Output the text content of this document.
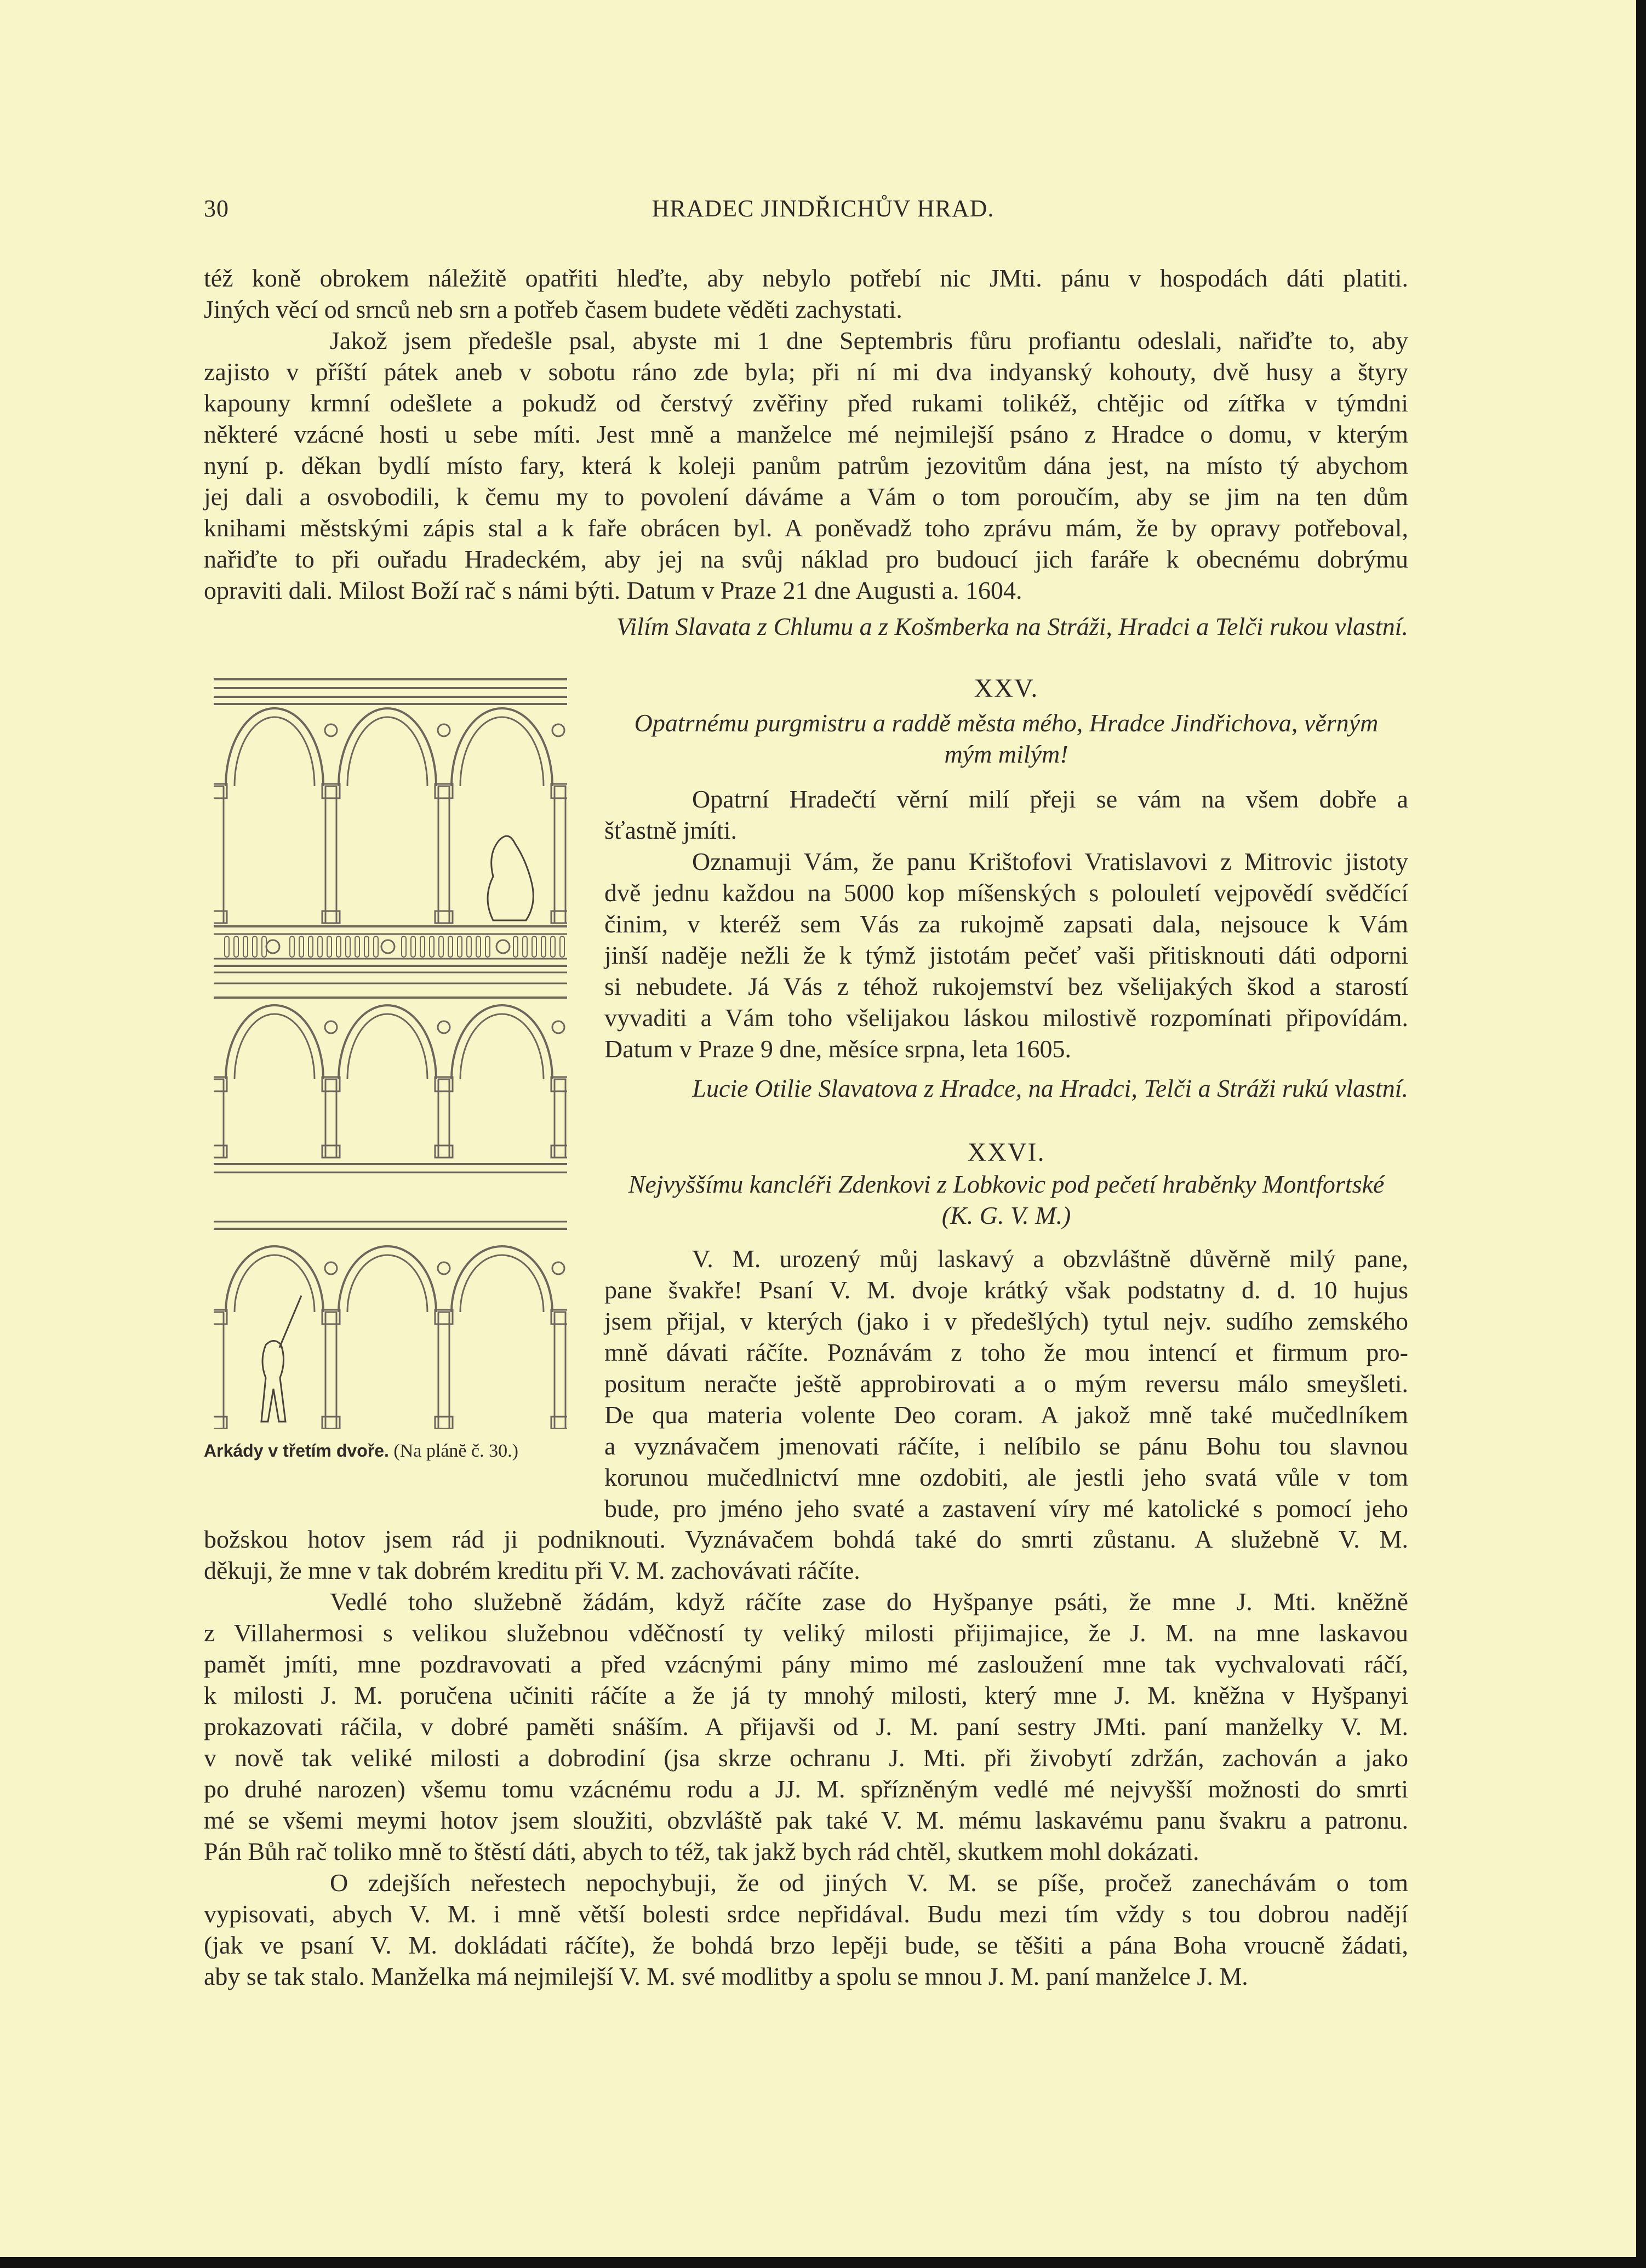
30	HRADEC JINDŘICHŮV HRAD.
též koně obrokem náležitě opatřiti hleďte, aby nebylo potřebí nic JMti. pánu v hospodách dáti platiti.
Jiných věcí od srnců neb srn a potřeb časem budete věděti zachystati.
Jakož jsem předešle psal, abyste mi 1 dne Septembris fůru profiantu odeslali, nařiďte to, aby
zajisto v příští pátek aneb v sobotu ráno zde byla; při ní mi dva indyanský kohouty, dvě husy a štyry
kapouny krmní odešlete a pokudž od čerstvý zvěřiny před rukami tolikéž, chtějic od zítřka v týmdni
některé vzácné hosti u sebe míti. Jest mně a manželce mé nejmilejší psáno z Hradce o domu, v kterým
nyní p. děkan bydlí místo fary, která k koleji panům patrům jezovitům dána jest, na místo tý abychom
jej dali a osvobodili, k čemu my to povolení dáváme a Vám o tom poroučím, aby se jim na ten dům
knihami městskými zápis stal a k faře obrácen byl. A poněvadž toho zprávu mám, že by opravy potřeboval,
nařiďte to při ouřadu Hradeckém, aby jej na svůj náklad pro budoucí jich faráře k obecnému dobrýmu
opraviti dali. Milost Boží rač s námi býti. Datum v Praze 21 dne Augusti a. 1604.
Vilím Slavata z Chlumu a z Košmberka na Stráži, Hradci a Telči rukou vlastní.
Arkády v třetím dvoře. (Na plánĕ č. 30.)
XXV.
Opatrnému purgmistru a raddě města mého, Hradce Jindřichova, věrným
mým milým!
Opatrní Hradečtí věrní milí přeji se vám na všem dobře a
šťastně jmíti.
Oznamuji Vám, že panu Krištofovi Vratislavovi z Mitrovic jistoty
dvě jednu každou na 5000 kop míšenských s polouletí vejpovědí svědčící
činim, v kteréž sem Vás za rukojmě zapsati dala, nejsouce k Vám
jinší naděje nežli že k týmž jistotám pečeť vaši přitisknouti dáti odporni
si nebudete. Já Vás z téhož rukojemství bez všelijakých škod a starostí
vyvaditi a Vám toho všelijakou láskou milostivě rozpomínati připovídám.
Datum v Praze 9 dne, měsíce srpna, leta 1605.
Lucie Otilie Slavatova z Hradce, na Hradci, Telči a Stráži rukú vlastní.
XXVI.
Nejvyššímu kancléři Zdenkovi z Lobkovic pod pečetí hraběnky Montfortské
(K. G. V. M.)
V. M. urozený můj laskavý a obzvláštně důvěrně milý pane,
pane švakře! Psaní V. M. dvoje krátký však podstatny d. d. 10 hujus
jsem přijal, v kterých (jako i v předešlých) tytul nejv. sudího zemského
mně dávati ráčíte. Poznávám z toho že mou intencí et firmum pro-
positum neračte ještě approbirovati a o mým reversu málo smeyšleti.
De qua materia volente Deo coram. A jakož mně také mučedlníkem
a vyznávačem jmenovati ráčíte, i nelíbilo se pánu Bohu tou slavnou
korunou mučedlnictví mne ozdobiti, ale jestli jeho svatá vůle v tom
bude, pro jméno jeho svaté a zastavení víry mé katolické s pomocí jeho
božskou hotov jsem rád ji podniknouti. Vyznávačem bohdá také do smrti zůstanu. A služebně V. M.
děkuji, že mne v tak dobrém kreditu při V. M. zachovávati ráčíte.
Vedlé toho služebně žádám, když ráčíte zase do Hyšpanye psáti, že mne J. Mti. kněžně
z Villahermosi s velikou služebnou vděčností ty veliký milosti přijimajice, že J. M. na mne laskavou
pamět jmíti, mne pozdravovati a před vzácnými pány mimo mé zasloužení mne tak vychvalovati ráčí,
k milosti J. M. poručena učiniti ráčíte a že já ty mnohý milosti, který mne J. M. kněžna v Hyšpanyi
prokazovati ráčila, v dobré paměti snáším. A přijavši od J. M. paní sestry JMti. paní manželky V. M.
v nově tak veliké milosti a dobrodiní (jsa skrze ochranu J. Mti. při živobytí zdržán, zachován a jako
po druhé narozen) všemu tomu vzácnému rodu a JJ. M. spřízněným vedlé mé nejvyšší možnosti do smrti
mé se všemi meymi hotov jsem sloužiti, obzvláště pak také V. M. mému laskavému panu švakru a patronu.
Pán Bůh rač toliko mně to štěstí dáti, abych to též, tak jakž bych rád chtěl, skutkem mohl dokázati.
O zdejších neřestech nepochybuji, že od jiných V. M. se píše, pročež zanechávám o tom
vypisovati, abych V. M. i mně větší bolesti srdce nepřidával. Budu mezi tím vždy s tou dobrou nadějí
(jak ve psaní V. M. dokládati ráčíte), že bohdá brzo lepěji bude, se těšiti a pána Boha vroucně žádati,
aby se tak stalo. Manželka má nejmilejší V. M. své modlitby a spolu se mnou J. M. paní manželce J. M.
